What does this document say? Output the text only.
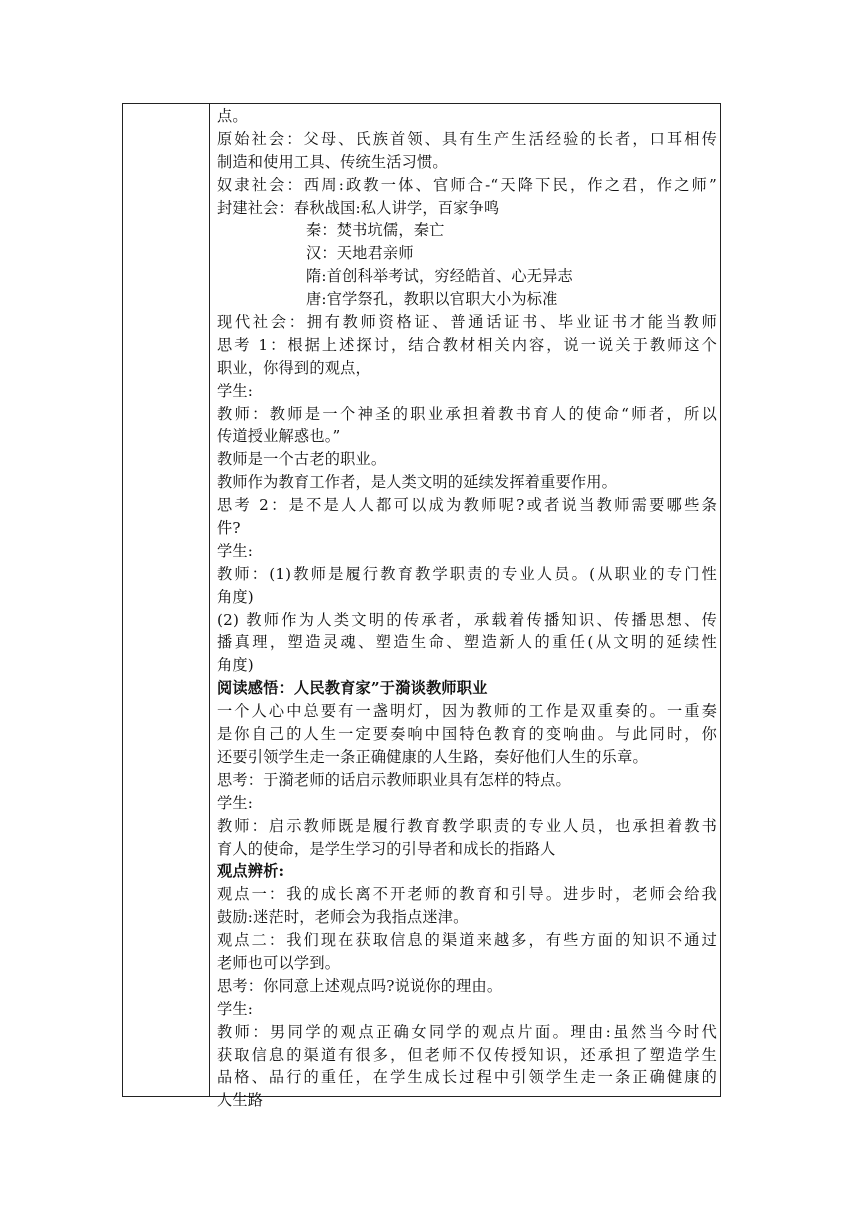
点。
原始社会：父母、氏族首领、具有生产生活经验的长者，口耳相传
制造和使用工具、传统生活习惯。
奴隶社会：西周:政教一体、官师合-“天降下民，作之君，作之师”
封建社会：春秋战国:私人讲学，百家争鸣
秦：焚书坑儒，秦亡
汉：天地君亲师
隋:首创科举考试，穷经皓首、心无异志
唐:官学祭孔，教职以官职大小为标准
现代社会：拥有教师资格证、普通话证书、毕业证书才能当教师
思考 1：根据上述探讨，结合教材相关内容，说一说关于教师这个
职业，你得到的观点，
学生:
教师：教师是一个神圣的职业承担着教书育人的使命“师者，所以
传道授业解惑也。”
教师是一个古老的职业。
教师作为教育工作者，是人类文明的延续发挥着重要作用。
思考 2：是不是人人都可以成为教师呢?或者说当教师需要哪些条
件?
学生:
教师：(1)教师是履行教育教学职责的专业人员。(从职业的专门性
角度)
(2) 教师作为人类文明的传承者，承载着传播知识、传播思想、传
播真理，塑造灵魂、塑造生命、塑造新人的重任(从文明的延续性
角度)
阅读感悟：人民教育家”于漪谈教师职业
一个人心中总要有一盏明灯，因为教师的工作是双重奏的。一重奏
是你自己的人生一定要奏响中国特色教育的变响曲。与此同时，你
还要引领学生走一条正确健康的人生路，奏好他们人生的乐章。
思考：于漪老师的话启示教师职业具有怎样的特点。
学生:
教师：启示教师既是履行教育教学职责的专业人员，也承担着教书
育人的使命，是学生学习的引导者和成长的指路人
观点辨析:
观点一：我的成长离不开老师的教育和引导。进步时，老师会给我
鼓励:迷茫时，老师会为我指点迷津。
观点二：我们现在获取信息的渠道来越多，有些方面的知识不通过
老师也可以学到。
思考：你同意上述观点吗?说说你的理由。
学生:
教师：男同学的观点正确女同学的观点片面。理由:虽然当今时代
获取信息的渠道有很多，但老师不仅传授知识，还承担了塑造学生
品格、品行的重任，在学生成长过程中引领学生走一条正确健康的
人生路
